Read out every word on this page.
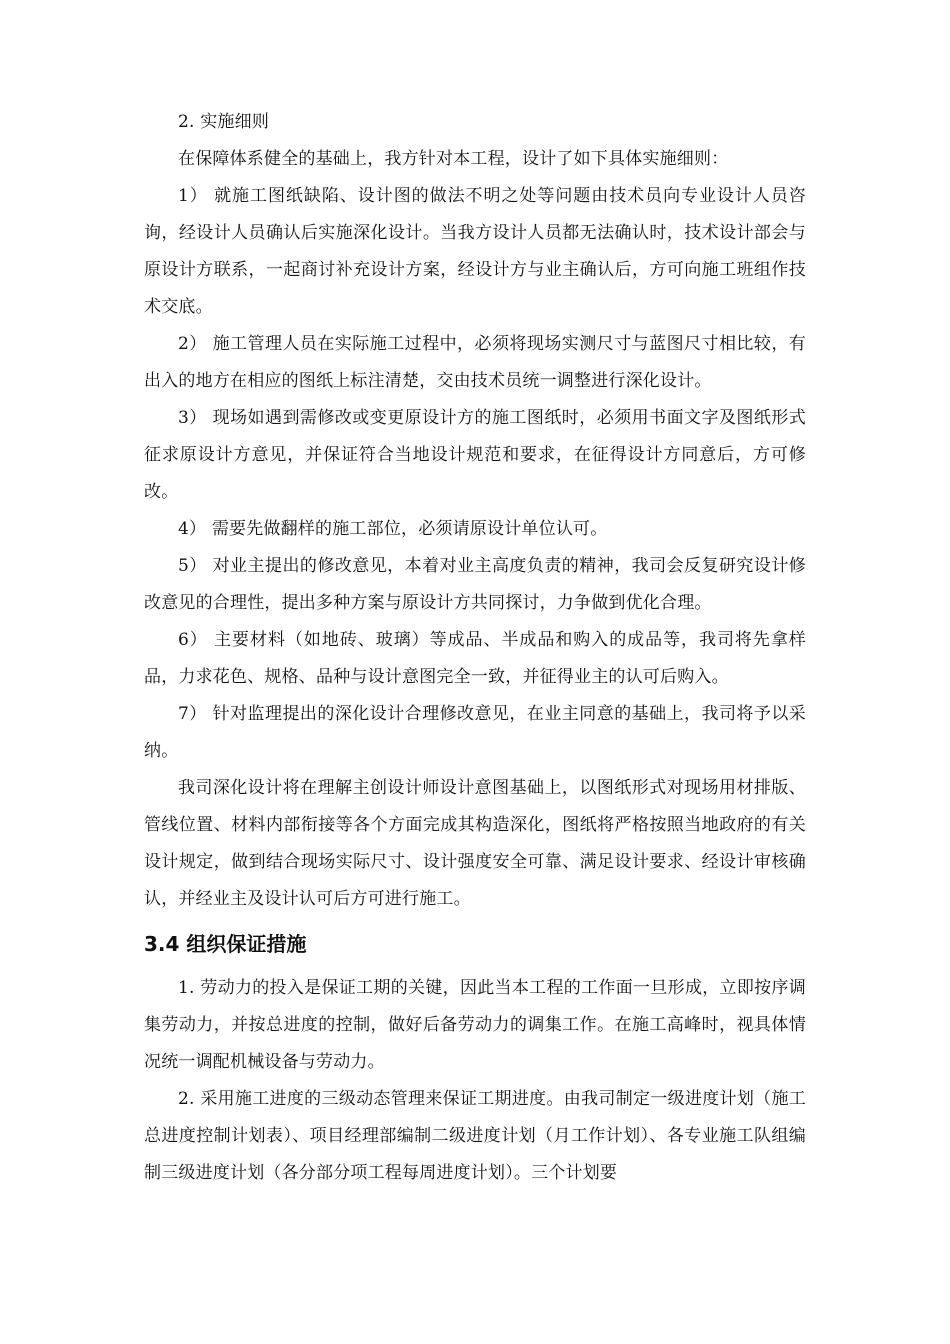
2. 实施细则

在保障体系健全的基础上，我方针对本工程，设计了如下具体实施细则：

1） 就施工图纸缺陷、设计图的做法不明之处等问题由技术员向专业设计人员咨询，经设计人员确认后实施深化设计。当我方设计人员都无法确认时，技术设计部会与原设计方联系，一起商讨补充设计方案，经设计方与业主确认后，方可向施工班组作技术交底。

2） 施工管理人员在实际施工过程中，必须将现场实测尺寸与蓝图尺寸相比较，有出入的地方在相应的图纸上标注清楚，交由技术员统一调整进行深化设计。

3） 现场如遇到需修改或变更原设计方的施工图纸时，必须用书面文字及图纸形式征求原设计方意见，并保证符合当地设计规范和要求，在征得设计方同意后，方可修改。

4） 需要先做翻样的施工部位，必须请原设计单位认可。

5） 对业主提出的修改意见，本着对业主高度负责的精神，我司会反复研究设计修改意见的合理性，提出多种方案与原设计方共同探讨，力争做到优化合理。

6） 主要材料（如地砖、玻璃）等成品、半成品和购入的成品等，我司将先拿样品，力求花色、规格、品种与设计意图完全一致，并征得业主的认可后购入。

7） 针对监理提出的深化设计合理修改意见，在业主同意的基础上，我司将予以采纳。

我司深化设计将在理解主创设计师设计意图基础上，以图纸形式对现场用材排版、管线位置、材料内部衔接等各个方面完成其构造深化，图纸将严格按照当地政府的有关设计规定，做到结合现场实际尺寸、设计强度安全可靠、满足设计要求、经设计审核确认，并经业主及设计认可后方可进行施工。

3.4 组织保证措施

1. 劳动力的投入是保证工期的关键，因此当本工程的工作面一旦形成，立即按序调集劳动力，并按总进度的控制，做好后备劳动力的调集工作。在施工高峰时，视具体情况统一调配机械设备与劳动力。

2. 采用施工进度的三级动态管理来保证工期进度。由我司制定一级进度计划（施工总进度控制计划表）、项目经理部编制二级进度计划（月工作计划）、各专业施工队组编制三级进度计划（各分部分项工程每周进度计划）。三个计划要
